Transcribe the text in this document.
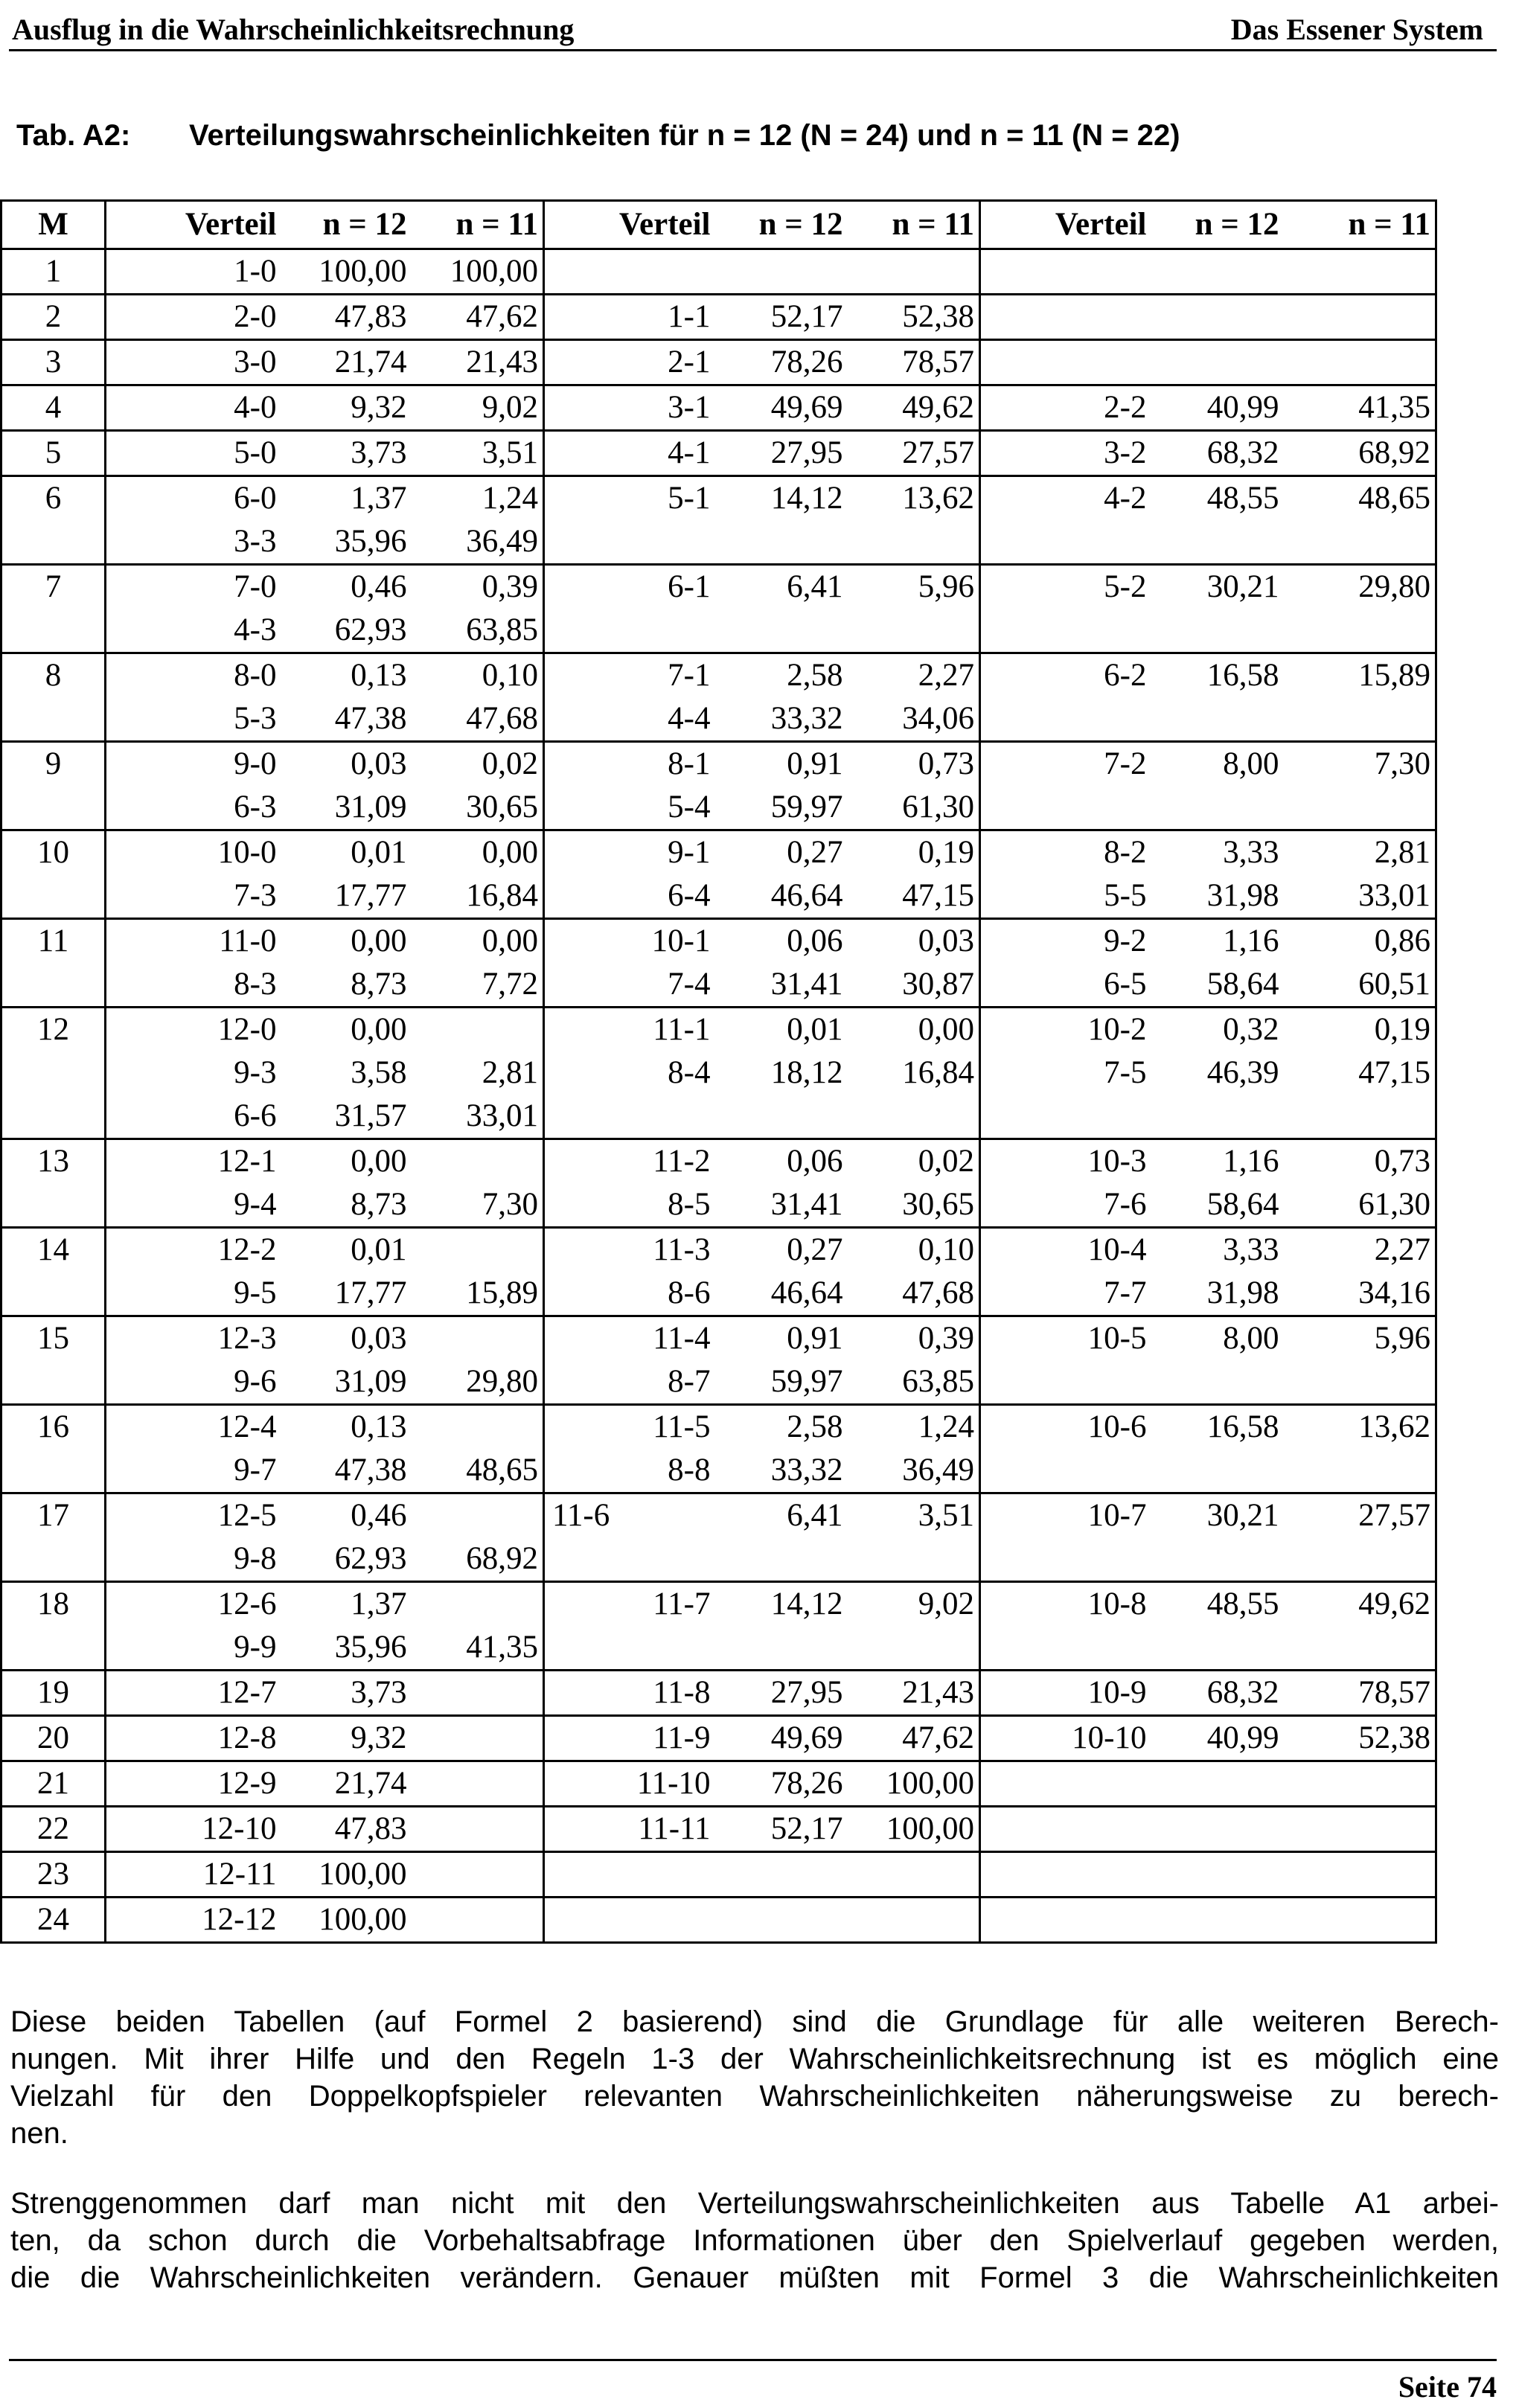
Ausflug in die Wahrscheinlichkeitsrechnung	Das Essener System
Tab. A2: Verteilungswahrscheinlichkeiten für n = 12 (N = 24) und n = 11 (N = 22)
M	Verteil	n = 12	n = 11	Verteil	n = 12	n = 11	Verteil	n = 12	n = 11
1	1-0	100,00	100,00						
2	2-0	47,83	47,62	1-1	52,17	52,38			
3	3-0	21,74	21,43	2-1	78,26	78,57			
4	4-0	9,32	9,02	3-1	49,69	49,62	2-2	40,99	41,35
5	5-0	3,73	3,51	4-1	27,95	27,57	3-2	68,32	68,92
6	6-0	1,37	1,24	5-1	14,12	13,62	4-2	48,55	48,65
	3-3	35,96	36,49						
7	7-0	0,46	0,39	6-1	6,41	5,96	5-2	30,21	29,80
	4-3	62,93	63,85						
8	8-0	0,13	0,10	7-1	2,58	2,27	6-2	16,58	15,89
	5-3	47,38	47,68	4-4	33,32	34,06			
9	9-0	0,03	0,02	8-1	0,91	0,73	7-2	8,00	7,30
	6-3	31,09	30,65	5-4	59,97	61,30			
10	10-0	0,01	0,00	9-1	0,27	0,19	8-2	3,33	2,81
	7-3	17,77	16,84	6-4	46,64	47,15	5-5	31,98	33,01
11	11-0	0,00	0,00	10-1	0,06	0,03	9-2	1,16	0,86
	8-3	8,73	7,72	7-4	31,41	30,87	6-5	58,64	60,51
12	12-0	0,00		11-1	0,01	0,00	10-2	0,32	0,19
	9-3	3,58	2,81	8-4	18,12	16,84	7-5	46,39	47,15
	6-6	31,57	33,01						
13	12-1	0,00		11-2	0,06	0,02	10-3	1,16	0,73
	9-4	8,73	7,30	8-5	31,41	30,65	7-6	58,64	61,30
14	12-2	0,01		11-3	0,27	0,10	10-4	3,33	2,27
	9-5	17,77	15,89	8-6	46,64	47,68	7-7	31,98	34,16
15	12-3	0,03		11-4	0,91	0,39	10-5	8,00	5,96
	9-6	31,09	29,80	8-7	59,97	63,85			
16	12-4	0,13		11-5	2,58	1,24	10-6	16,58	13,62
	9-7	47,38	48,65	8-8	33,32	36,49			
17	12-5	0,46		11-6	6,41	3,51	10-7	30,21	27,57
	9-8	62,93	68,92						
18	12-6	1,37		11-7	14,12	9,02	10-8	48,55	49,62
	9-9	35,96	41,35						
19	12-7	3,73		11-8	27,95	21,43	10-9	68,32	78,57
20	12-8	9,32		11-9	49,69	47,62	10-10	40,99	52,38
21	12-9	21,74		11-10	78,26	100,00			
22	12-10	47,83		11-11	52,17	100,00			
23	12-11	100,00							
24	12-12	100,00							
Diese beiden Tabellen (auf Formel 2 basierend) sind die Grundlage für alle weiteren Berech-
nungen. Mit ihrer Hilfe und den Regeln 1-3 der Wahrscheinlichkeitsrechnung ist es möglich eine
Vielzahl für den Doppelkopfspieler relevanten Wahrscheinlichkeiten näherungsweise zu berech-
nen.
Strenggenommen darf man nicht mit den Verteilungswahrscheinlichkeiten aus Tabelle A1 arbei-
ten, da schon durch die Vorbehaltsabfrage Informationen über den Spielverlauf gegeben werden,
die die Wahrscheinlichkeiten verändern. Genauer müßten mit Formel 3 die Wahrscheinlichkeiten
Seite 74
